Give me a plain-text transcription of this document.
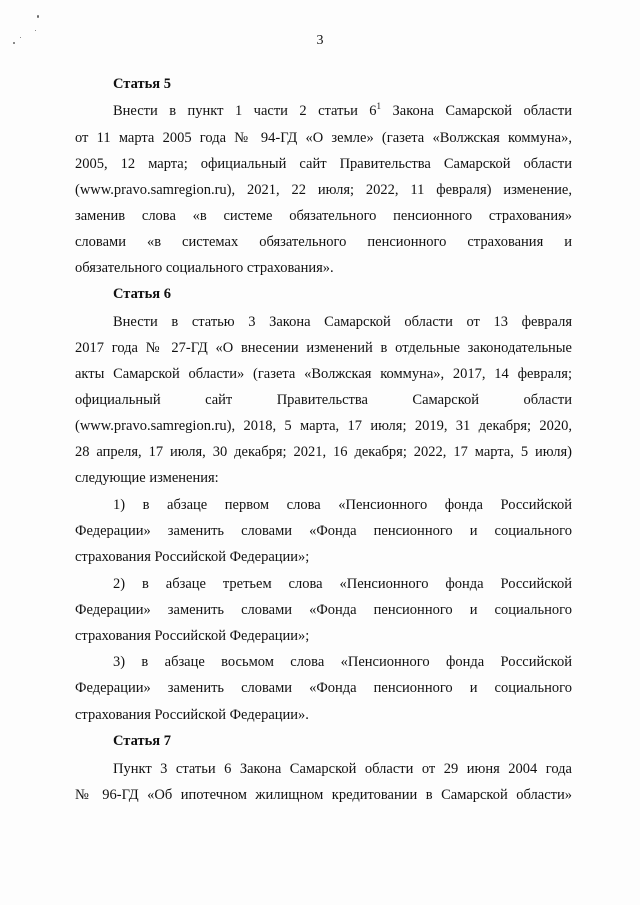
3
Статья 5
Внести в пункт 1 части 2 статьи $6^1$ Закона Самарской области
от 11 марта 2005 года № 94-ГД «О земле» (газета «Волжская коммуна»,
2005, 12 марта; официальный сайт Правительства Самарской области
(www.pravo.samregion.ru), 2021, 22 июля; 2022, 11 февраля) изменение,
заменив слова «в системе обязательного пенсионного страхования»
словами «в системах обязательного пенсионного страхования и
обязательного социального страхования».
Статья 6
Внести в статью 3 Закона Самарской области от 13 февраля
2017 года № 27-ГД «О внесении изменений в отдельные законодательные
акты Самарской области» (газета «Волжская коммуна», 2017, 14 февраля;
официальный сайт Правительства Самарской области
(www.pravo.samregion.ru), 2018, 5 марта, 17 июля; 2019, 31 декабря; 2020,
28 апреля, 17 июля, 30 декабря; 2021, 16 декабря; 2022, 17 марта, 5 июля)
следующие изменения:
1) в абзаце первом слова «Пенсионного фонда Российской
Федерации» заменить словами «Фонда пенсионного и социального
страхования Российской Федерации»;
2) в абзаце третьем слова «Пенсионного фонда Российской
Федерации» заменить словами «Фонда пенсионного и социального
страхования Российской Федерации»;
3) в абзаце восьмом слова «Пенсионного фонда Российской
Федерации» заменить словами «Фонда пенсионного и социального
страхования Российской Федерации».
Статья 7
Пункт 3 статьи 6 Закона Самарской области от 29 июня 2004 года
№ 96-ГД «Об ипотечном жилищном кредитовании в Самарской области»
